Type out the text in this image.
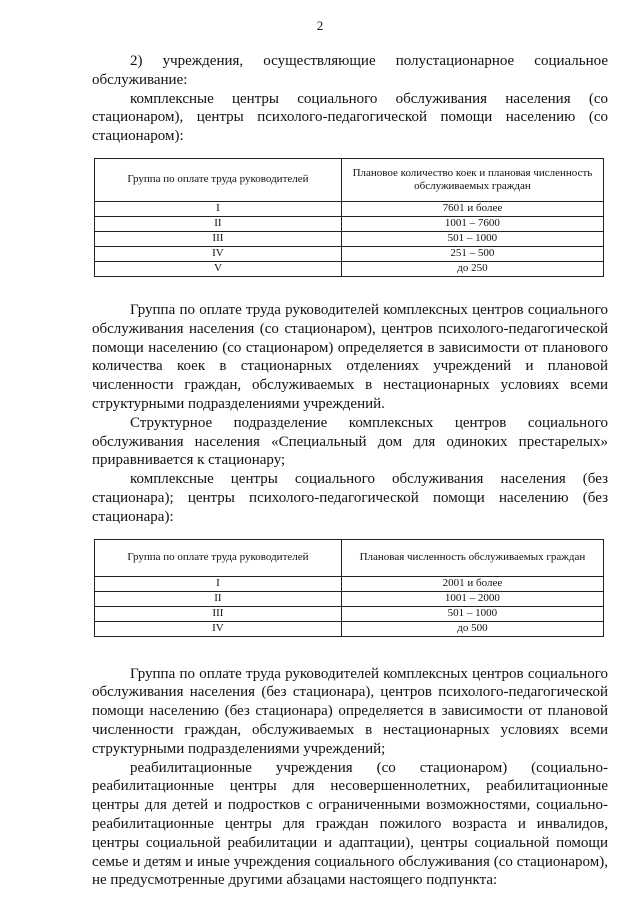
2

2) учреждения, осуществляющие полустационарное социальное обслуживание:

комплексные центры социального обслуживания населения (со стационаром), центры психолого-педагогической помощи населению (со стационаром):

Группа по оплате труда руководителей	Плановое количество коек и плановая численность обслуживаемых граждан
I	7601 и более
II	1001 – 7600
III	501 – 1000
IV	251 – 500
V	до 250

Группа по оплате труда руководителей комплексных центров социального обслуживания населения (со стационаром), центров психолого-педагогической помощи населению (со стационаром) определяется в зависимости от планового количества коек в стационарных отделениях учреждений и плановой численности граждан, обслуживаемых в нестационарных условиях всеми структурными подразделениями учреждений.

Структурное подразделение комплексных центров социального обслуживания населения «Специальный дом для одиноких престарелых» приравнивается к стационару;

комплексные центры социального обслуживания населения (без стационара); центры психолого-педагогической помощи населению (без стационара):

Группа по оплате труда руководителей	Плановая численность обслуживаемых граждан
I	2001 и более
II	1001 – 2000
III	501 – 1000
IV	до 500

Группа по оплате труда руководителей комплексных центров социального обслуживания населения (без стационара), центров психолого-педагогической помощи населению (без стационара) определяется в зависимости от плановой численности граждан, обслуживаемых в нестационарных условиях всеми структурными подразделениями учреждений;

реабилитационные учреждения (со стационаром) (социально-реабилитационные центры для несовершеннолетних, реабилитационные центры для детей и подростков с ограниченными возможностями, социально-реабилитационные центры для граждан пожилого возраста и инвалидов, центры социальной реабилитации и адаптации), центры социальной помощи семье и детям и иные учреждения социального обслуживания (со стационаром), не предусмотренные другими абзацами настоящего подпункта:
